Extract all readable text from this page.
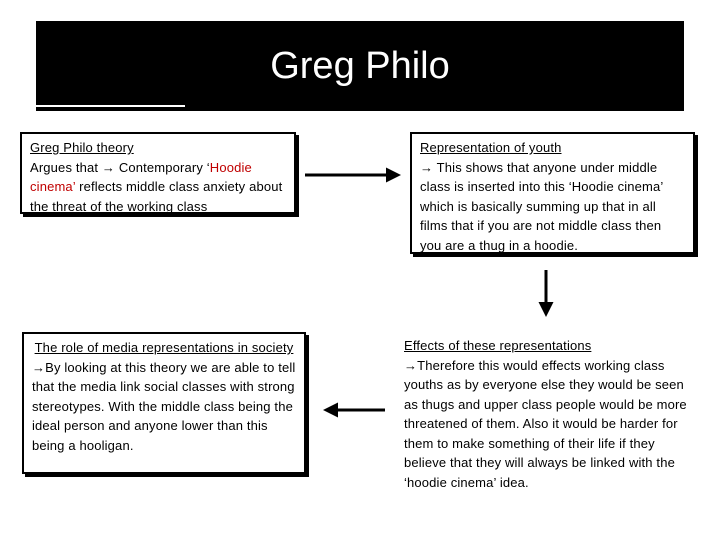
Greg Philo
Greg Philo theory
Argues that → Contemporary ‘Hoodie
cinema’ reflects middle class anxiety about the threat of the working class
Representation of youth
→ This shows that anyone under middle class is inserted into this ‘Hoodie cinema’ which is basically summing up that in all films that if you are not middle class then you are a thug in a hoodie.
The role of media representations in society
→By looking at this theory we are able to tell that the media link social classes with strong stereotypes. With the middle class being the ideal person and anyone lower than this being a hooligan.
Effects of these representations
→Therefore this would effects working class youths as by everyone else they would be seen as thugs and upper class people would be more threatened of them. Also it would be harder for them to make something of their life if they believe that they will always be linked with the ‘hoodie cinema’ idea.
